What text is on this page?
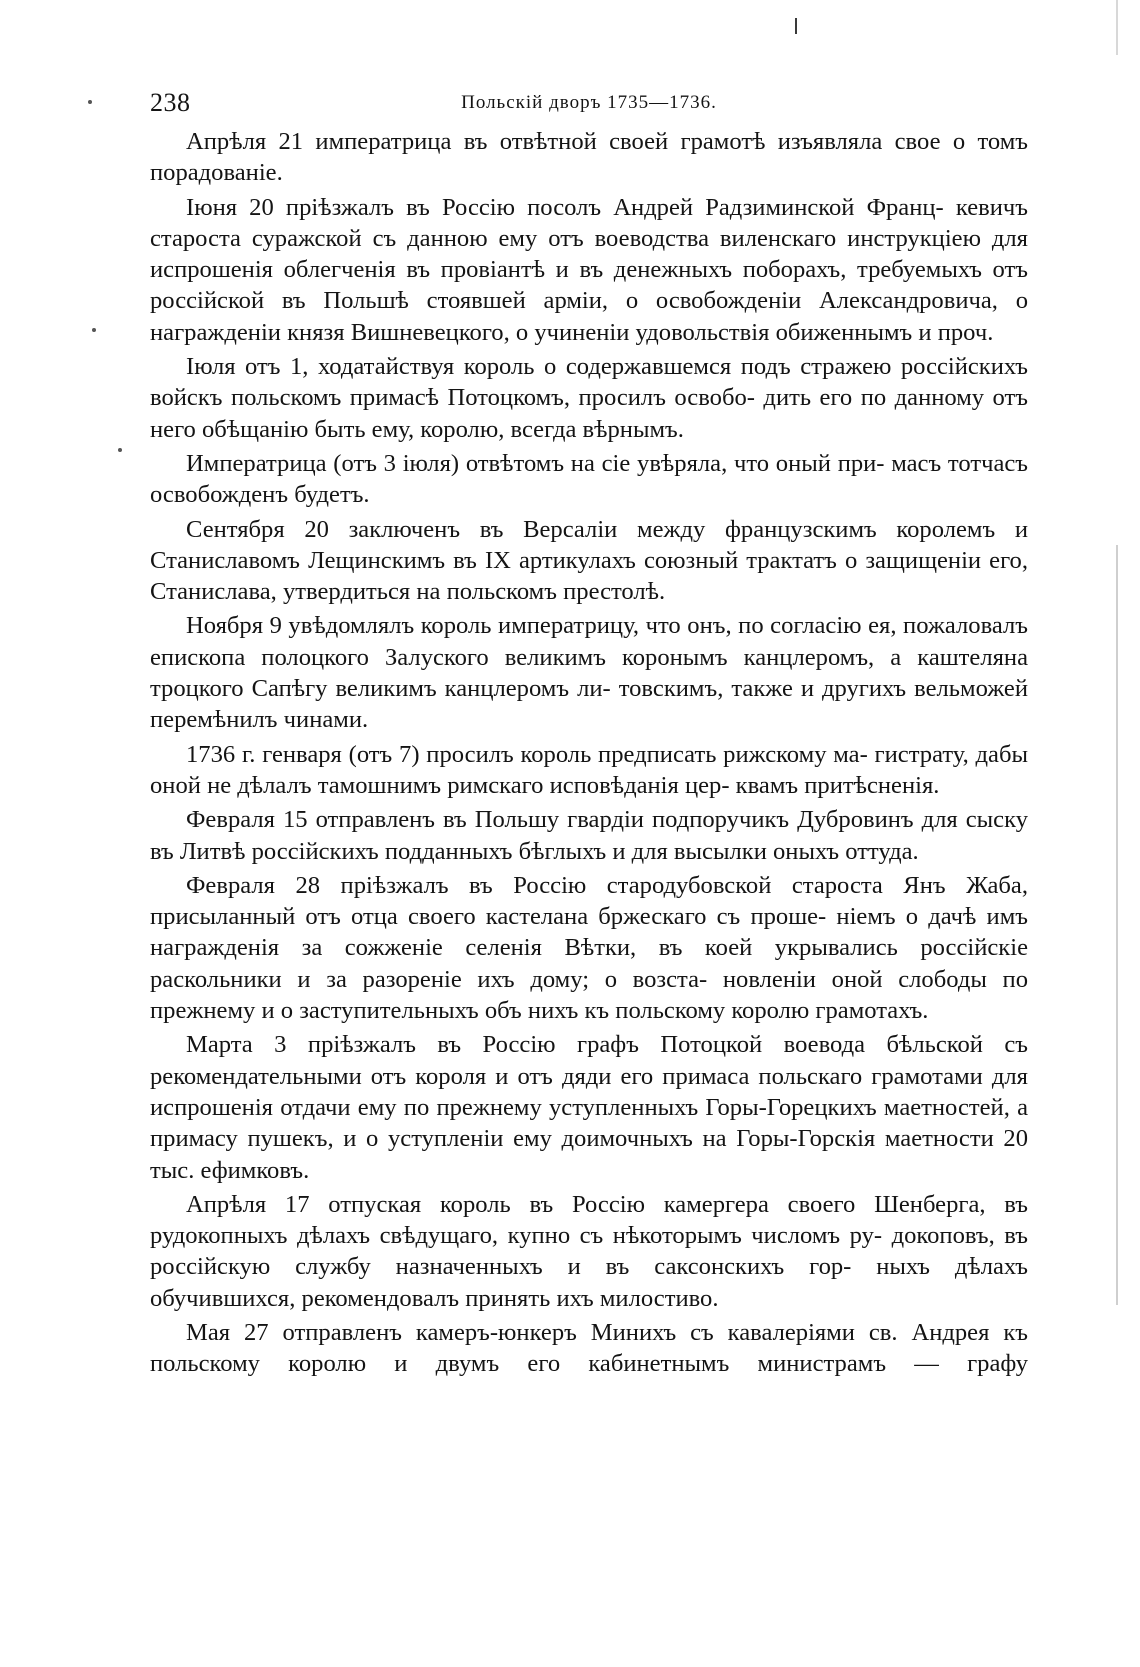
238	Польскій дворъ 1735—1736.

Апрѣля 21 императрица въ отвѣтной своей грамотѣ изъявляла свое о томъ порадованіе.

Іюня 20 пріѣзжалъ въ Россію посолъ Андрей Радзиминской Франц- кевичъ староста суражской съ данною ему отъ воеводства виленскаго инструкціею для испрошенія облегченія въ провіантѣ и въ денежныхъ поборахъ, требуемыхъ отъ россійской въ Польшѣ стоявшей арміи, о освобожденіи Александровича, о награжденіи князя Вишневецкого, о учиненіи удовольствія обиженнымъ и проч.

Іюля отъ 1, ходатайствуя король о содержавшемся подъ стражею россійскихъ войскъ польскомъ примасѣ Потоцкомъ, просилъ освобо- дить его по данному отъ него обѣщанію быть ему, королю, всегда вѣрнымъ.

Императрица (отъ 3 іюля) отвѣтомъ на сіе увѣряла, что оный при- масъ тотчасъ освобожденъ будетъ.

Сентября 20 заключенъ въ Версаліи между французскимъ королемъ и Станиславомъ Лещинскимъ въ IX артикулахъ союзный трактатъ о защищеніи его, Станислава, утвердиться на польскомъ престолѣ.

Ноября 9 увѣдомлялъ король императрицу, что онъ, по согласію ея, пожаловалъ епископа полоцкого Залуского великимъ коронымъ канцлеромъ, а каштеляна троцкого Сапѣгу великимъ канцлеромъ ли- товскимъ, также и другихъ вельможей перемѣнилъ чинами.

1736 г. генваря (отъ 7) просилъ король предписать рижскому ма- гистрату, дабы оной не дѣлалъ тамошнимъ римскаго исповѣданія цер- квамъ притѣсненія.

Февраля 15 отправленъ въ Польшу гвардіи подпоручикъ Дубровинъ для сыску въ Литвѣ россійскихъ подданныхъ бѣглыхъ и для высылки оныхъ оттуда.

Февраля 28 пріѣзжалъ въ Россію стародубовской староста Янъ Жаба, присыланный отъ отца своего кастелана бржескаго съ проше- ніемъ о дачѣ имъ награжденія за сожженіе селенія Вѣтки, въ коей укрывались россійскіе раскольники и за разореніе ихъ дому; о возста- новленіи оной слободы по прежнему и о заступительныхъ объ нихъ къ польскому королю грамотахъ.

Марта 3 пріѣзжалъ въ Россію графъ Потоцкой воевода бѣльской съ рекомендательными отъ короля и отъ дяди его примаса польскаго грамотами для испрошенія отдачи ему по прежнему уступленныхъ Горы-Горецкихъ маетностей, а примасу пушекъ, и о уступленіи ему доимочныхъ на Горы-Горскія маетности 20 тыс. ефимковъ.

Апрѣля 17 отпуская король въ Россію камергера своего Шенберга, въ рудокопныхъ дѣлахъ свѣдущаго, купно съ нѣкоторымъ числомъ ру- докоповъ, въ россійскую службу назначенныхъ и въ саксонскихъ гор- ныхъ дѣлахъ обучившихся, рекомендовалъ принять ихъ милостиво.

Мая 27 отправленъ камеръ-юнкеръ Минихъ съ кавалеріями св. Андрея къ польскому королю и двумъ его кабинетнымъ министрамъ — графу
